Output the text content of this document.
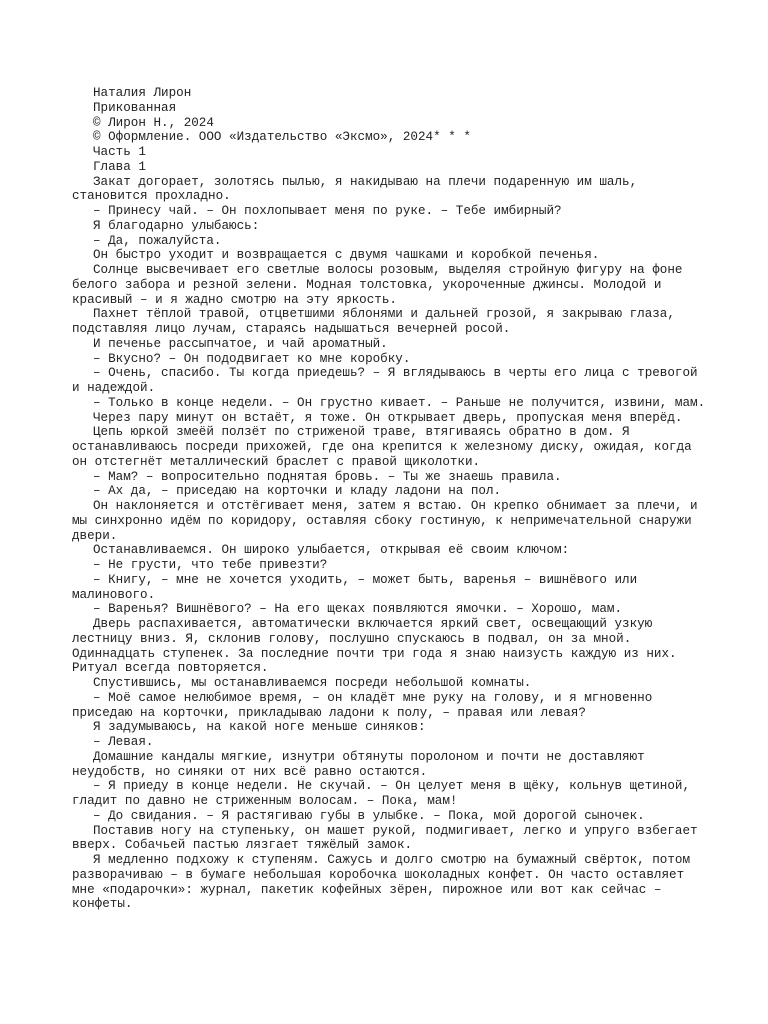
Наталия Лирон

Прикованная

© Лирон Н., 2024

© Оформление. ООО «Издательство «Эксмо», 2024* * *

Часть 1

Глава 1

Закат догорает, золотясь пылью, я накидываю на плечи подаренную им шаль, становится прохладно.

– Принесу чай. – Он похлопывает меня по руке. – Тебе имбирный?

Я благодарно улыбаюсь:

– Да, пожалуйста.

Он быстро уходит и возвращается с двумя чашками и коробкой печенья.

Солнце высвечивает его светлые волосы розовым, выделяя стройную фигуру на фоне белого забора и резной зелени. Модная толстовка, укороченные джинсы. Молодой и красивый – и я жадно смотрю на эту яркость.

Пахнет тёплой травой, отцветшими яблонями и дальней грозой, я закрываю глаза, подставляя лицо лучам, стараясь надышаться вечерней росой.

И печенье рассыпчатое, и чай ароматный.

– Вкусно? – Он пододвигает ко мне коробку.

– Очень, спасибо. Ты когда приедешь? – Я вглядываюсь в черты его лица с тревогой и надеждой.

– Только в конце недели. – Он грустно кивает. – Раньше не получится, извини, мам.

Через пару минут он встаёт, я тоже. Он открывает дверь, пропуская меня вперёд.

Цепь юркой змеёй ползёт по стриженой траве, втягиваясь обратно в дом. Я останавливаюсь посреди прихожей, где она крепится к железному диску, ожидая, когда он отстегнёт металлический браслет с правой щиколотки.

– Мам? – вопросительно поднятая бровь. – Ты же знаешь правила.

– Ах да, – приседаю на корточки и кладу ладони на пол.

Он наклоняется и отстёгивает меня, затем я встаю. Он крепко обнимает за плечи, и мы синхронно идём по коридору, оставляя сбоку гостиную, к непримечательной снаружи двери.

Останавливаемся. Он широко улыбается, открывая её своим ключом:

– Не грусти, что тебе привезти?

– Книгу, – мне не хочется уходить, – может быть, варенья – вишнёвого или малинового.

– Варенья? Вишнёвого? – На его щеках появляются ямочки. – Хорошо, мам.

Дверь распахивается, автоматически включается яркий свет, освещающий узкую лестницу вниз. Я, склонив голову, послушно спускаюсь в подвал, он за мной. Одиннадцать ступенек. За последние почти три года я знаю наизусть каждую из них. Ритуал всегда повторяется.

Спустившись, мы останавливаемся посреди небольшой комнаты.

– Моё самое нелюбимое время, – он кладёт мне руку на голову, и я мгновенно приседаю на корточки, прикладываю ладони к полу, – правая или левая?

Я задумываюсь, на какой ноге меньше синяков:

– Левая.

Домашние кандалы мягкие, изнутри обтянуты поролоном и почти не доставляют неудобств, но синяки от них всё равно остаются.

– Я приеду в конце недели. Не скучай. – Он целует меня в щёку, кольнув щетиной, гладит по давно не стриженным волосам. – Пока, мам!

– До свидания. – Я растягиваю губы в улыбке. – Пока, мой дорогой сыночек.

Поставив ногу на ступеньку, он машет рукой, подмигивает, легко и упруго взбегает вверх. Собачьей пастью лязгает тяжёлый замок.

Я медленно подхожу к ступеням. Сажусь и долго смотрю на бумажный свёрток, потом разворачиваю – в бумаге небольшая коробочка шоколадных конфет. Он часто оставляет мне «подарочки»: журнал, пакетик кофейных зёрен, пирожное или вот как сейчас – конфеты.
